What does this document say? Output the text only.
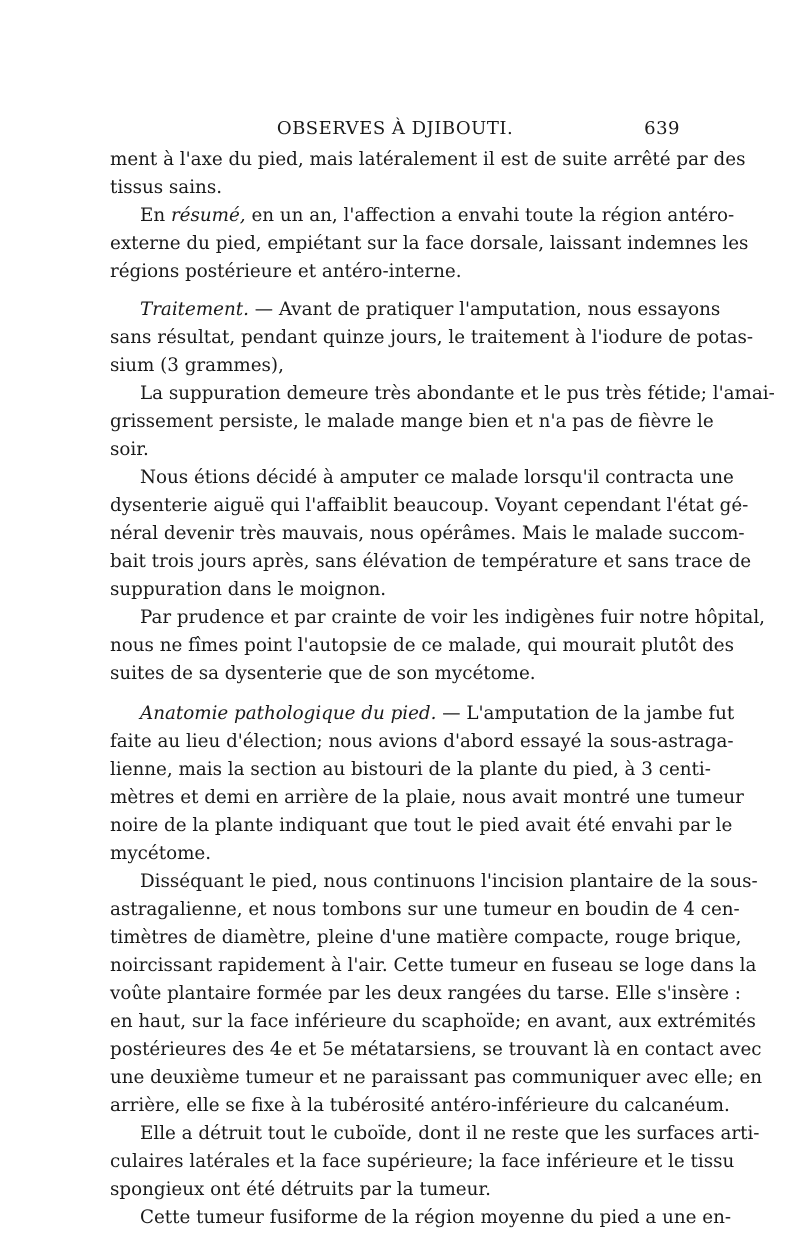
OBSERVES À DJIBOUTI.	639
ment à l'axe du pied, mais latéralement il est de suite arrêté par des
tissus sains.
En résumé, en un an, l'affection a envahi toute la région antéro-
externe du pied, empiétant sur la face dorsale, laissant indemnes les
régions postérieure et antéro-interne.
Traitement. — Avant de pratiquer l'amputation, nous essayons
sans résultat, pendant quinze jours, le traitement à l'iodure de potas-
sium (3 grammes),
La suppuration demeure très abondante et le pus très fétide; l'amai-
grissement persiste, le malade mange bien et n'a pas de fièvre le
soir.
Nous étions décidé à amputer ce malade lorsqu'il contracta une
dysenterie aiguë qui l'affaiblit beaucoup. Voyant cependant l'état gé-
néral devenir très mauvais, nous opérâmes. Mais le malade succom-
bait trois jours après, sans élévation de température et sans trace de
suppuration dans le moignon.
Par prudence et par crainte de voir les indigènes fuir notre hôpital,
nous ne fîmes point l'autopsie de ce malade, qui mourait plutôt des
suites de sa dysenterie que de son mycétome.
Anatomie pathologique du pied. — L'amputation de la jambe fut
faite au lieu d'élection; nous avions d'abord essayé la sous-astraga-
lienne, mais la section au bistouri de la plante du pied, à 3 centi-
mètres et demi en arrière de la plaie, nous avait montré une tumeur
noire de la plante indiquant que tout le pied avait été envahi par le
mycétome.
Disséquant le pied, nous continuons l'incision plantaire de la sous-
astragalienne, et nous tombons sur une tumeur en boudin de 4 cen-
timètres de diamètre, pleine d'une matière compacte, rouge brique,
noircissant rapidement à l'air. Cette tumeur en fuseau se loge dans la
voûte plantaire formée par les deux rangées du tarse. Elle s'insère :
en haut, sur la face inférieure du scaphoïde; en avant, aux extrémités
postérieures des 4e et 5e métatarsiens, se trouvant là en contact avec
une deuxième tumeur et ne paraissant pas communiquer avec elle; en
arrière, elle se fixe à la tubérosité antéro-inférieure du calcanéum.
Elle a détruit tout le cuboïde, dont il ne reste que les surfaces arti-
culaires latérales et la face supérieure; la face inférieure et le tissu
spongieux ont été détruits par la tumeur.
Cette tumeur fusiforme de la région moyenne du pied a une en-
